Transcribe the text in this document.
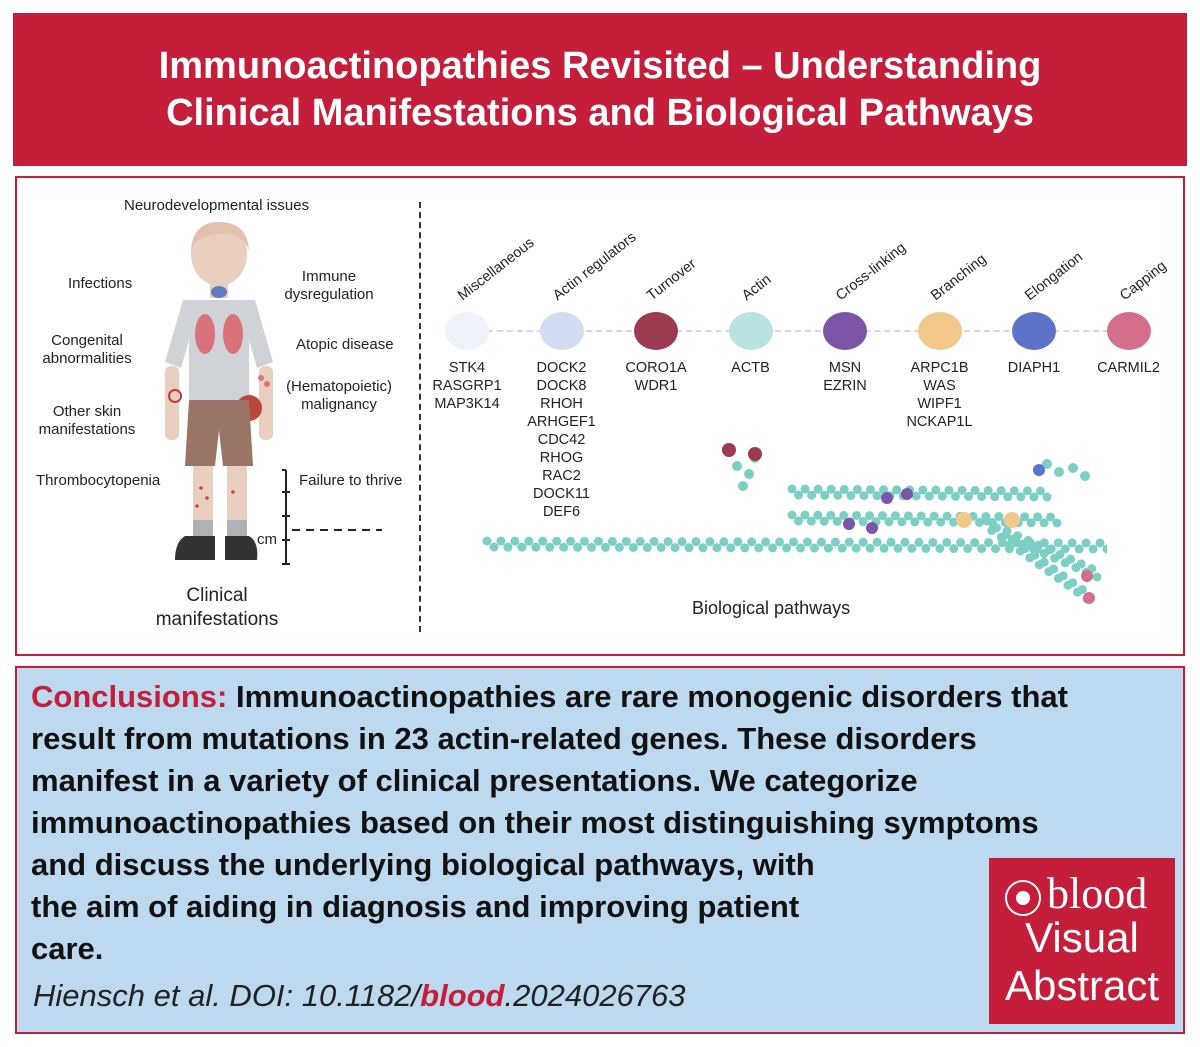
Immunoactinopathies Revisited – Understanding
Clinical Manifestations and Biological Pathways
Neurodevelopmental issues
Infections	Immune dysregulation
Congenital abnormalities
Atopic disease
(Hematopoietic) malignancy
Other skin manifestations
Thrombocytopenia	Failure to thrive
cm
Clinical
manifestations
Miscellaneous
STK4
RASGRP1
MAP3K14
Actin regulators
DOCK2
DOCK8
RHOH
ARHGEF1
CDC42
RHOG
RAC2
DOCK11
DEF6
Turnover
CORO1A
WDR1
Actin
ACTB
Cross-linking
MSN
EZRIN
Branching
ARPC1B
WAS
WIPF1
NCKAP1L
Elongation
DIAPH1
Capping
CARMIL2
Biological pathways
Conclusions: Immunoactinopathies are rare monogenic disorders that
result from mutations in 23 actin-related genes. These disorders
manifest in a variety of clinical presentations. We categorize
immunoactinopathies based on their most distinguishing symptoms
and discuss the underlying biological pathways, with
the aim of aiding in diagnosis and improving patient
care.
Hiensch et al. DOI: 10.1182/blood.2024026763
blood
Visual
Abstract
